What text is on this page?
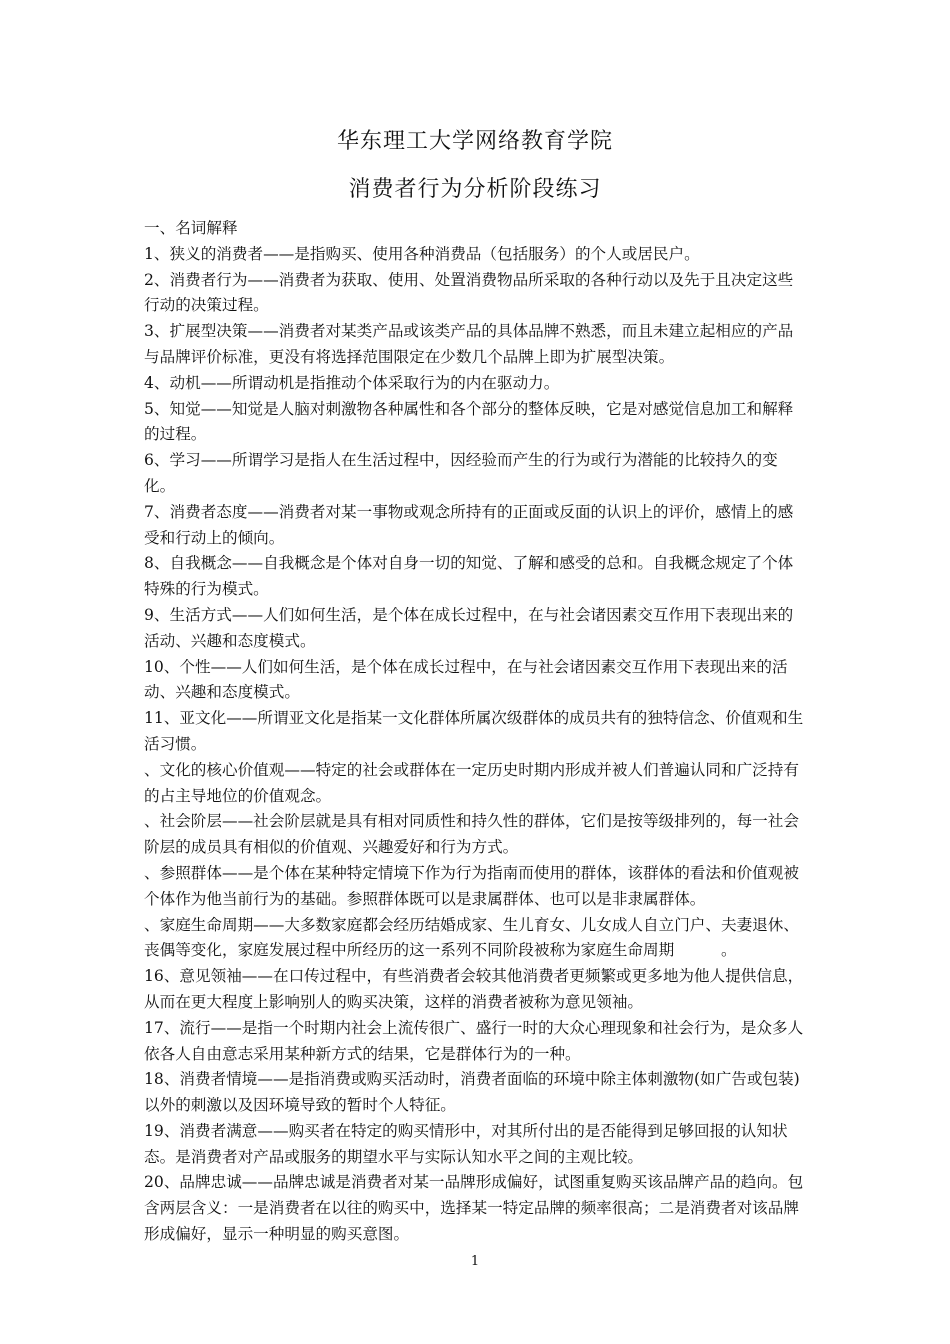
华东理工大学网络教育学院
消费者行为分析阶段练习
一、名词解释
1、狭义的消费者——是指购买、使用各种消费品（包括服务）的个人或居民户。
2、消费者行为——消费者为获取、使用、处置消费物品所采取的各种行动以及先于且决定这些行动的决策过程。
3、扩展型决策——消费者对某类产品或该类产品的具体品牌不熟悉，而且未建立起相应的产品与品牌评价标准，更没有将选择范围限定在少数几个品牌上即为扩展型决策。
4、动机——所谓动机是指推动个体采取行为的内在驱动力。
5、知觉——知觉是人脑对刺激物各种属性和各个部分的整体反映，它是对感觉信息加工和解释的过程。
6、学习——所谓学习是指人在生活过程中，因经验而产生的行为或行为潜能的比较持久的变化。
7、消费者态度——消费者对某一事物或观念所持有的正面或反面的认识上的评价，感情上的感受和行动上的倾向。
8、自我概念——自我概念是个体对自身一切的知觉、了解和感受的总和。自我概念规定了个体特殊的行为模式。
9、生活方式——人们如何生活，是个体在成长过程中，在与社会诸因素交互作用下表现出来的活动、兴趣和态度模式。
10、个性——人们如何生活，是个体在成长过程中，在与社会诸因素交互作用下表现出来的活动、兴趣和态度模式。
11、亚文化——所谓亚文化是指某一文化群体所属次级群体的成员共有的独特信念、价值观和生活习惯。
、文化的核心价值观——特定的社会或群体在一定历史时期内形成并被人们普遍认同和广泛持有的占主导地位的价值观念。
、社会阶层——社会阶层就是具有相对同质性和持久性的群体，它们是按等级排列的，每一社会阶层的成员具有相似的价值观、兴趣爱好和行为方式。
、参照群体——是个体在某种特定情境下作为行为指南而使用的群体，该群体的看法和价值观被个体作为他当前行为的基础。参照群体既可以是隶属群体、也可以是非隶属群体。
、家庭生命周期——大多数家庭都会经历结婚成家、生儿育女、儿女成人自立门户、夫妻退休、丧偶等变化，家庭发展过程中所经历的这一系列不同阶段被称为家庭生命周期　　　。
16、意见领袖——在口传过程中，有些消费者会较其他消费者更频繁或更多地为他人提供信息，从而在更大程度上影响别人的购买决策，这样的消费者被称为意见领袖。
17、流行——是指一个时期内社会上流传很广、盛行一时的大众心理现象和社会行为，是众多人依各人自由意志采用某种新方式的结果，它是群体行为的一种。
18、消费者情境——是指消费或购买活动时，消费者面临的环境中除主体刺激物(如广告或包装)以外的刺激以及因环境导致的暂时个人特征。
19、消费者满意——购买者在特定的购买情形中，对其所付出的是否能得到足够回报的认知状态。是消费者对产品或服务的期望水平与实际认知水平之间的主观比较。
20、品牌忠诚——品牌忠诚是消费者对某一品牌形成偏好，试图重复购买该品牌产品的趋向。包含两层含义：一是消费者在以往的购买中，选择某一特定品牌的频率很高；二是消费者对该品牌形成偏好，显示一种明显的购买意图。
1
